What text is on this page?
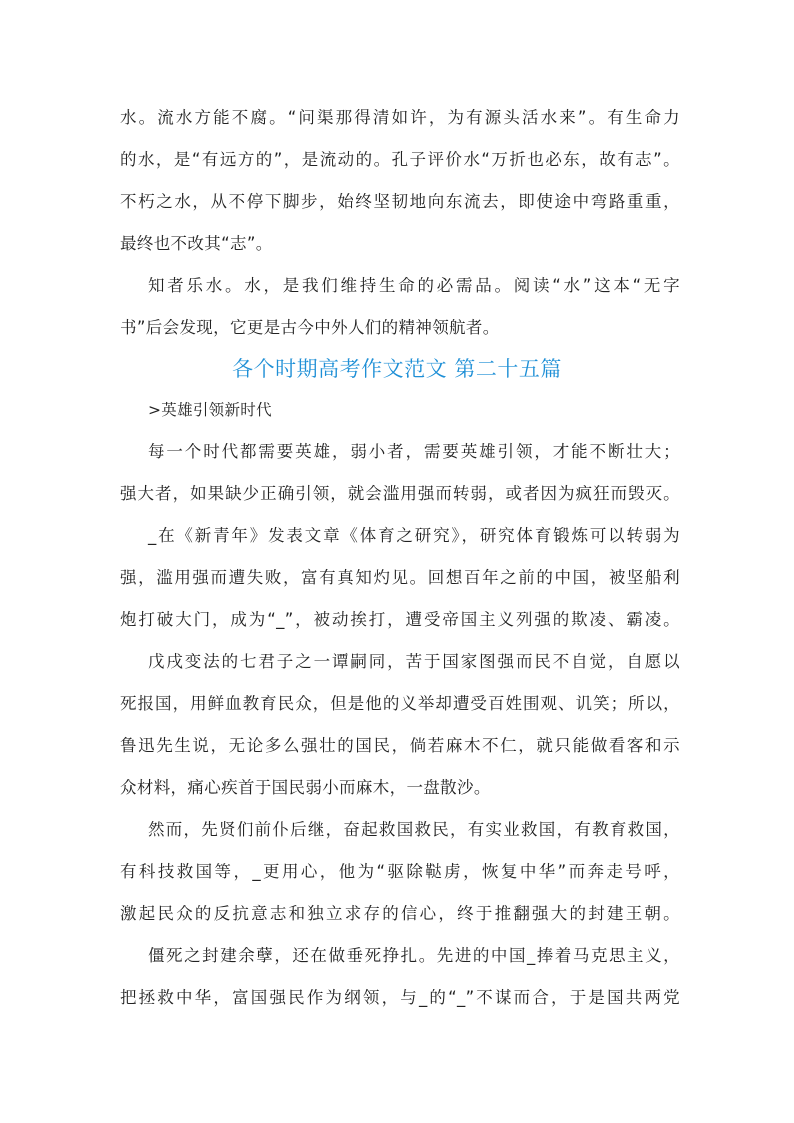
水。流水方能不腐。“问渠那得清如许，为有源头活水来”。有生命力
的水，是“有远方的”，是流动的。孔子评价水“万折也必东，故有志”。
不朽之水，从不停下脚步，始终坚韧地向东流去，即使途中弯路重重，
最终也不改其“志”。
知者乐水。水，是我们维持生命的必需品。阅读“水”这本“无字
书”后会发现，它更是古今中外人们的精神领航者。
各个时期高考作文范文 第二十五篇
>英雄引领新时代
每一个时代都需要英雄，弱小者，需要英雄引领，才能不断壮大；
强大者，如果缺少正确引领，就会滥用强而转弱，或者因为疯狂而毁灭。
_在《新青年》发表文章《体育之研究》，研究体育锻炼可以转弱为
强，滥用强而遭失败，富有真知灼见。回想百年之前的中国，被坚船利
炮打破大门，成为“_”，被动挨打，遭受帝国主义列强的欺凌、霸凌。
戊戌变法的七君子之一谭嗣同，苦于国家图强而民不自觉，自愿以
死报国，用鲜血教育民众，但是他的义举却遭受百姓围观、讥笑；所以，
鲁迅先生说，无论多么强壮的国民，倘若麻木不仁，就只能做看客和示
众材料，痛心疾首于国民弱小而麻木，一盘散沙。
然而，先贤们前仆后继，奋起救国救民，有实业救国，有教育救国，
有科技救国等，_更用心，他为“驱除鞑虏，恢复中华”而奔走号呼，
激起民众的反抗意志和独立求存的信心，终于推翻强大的封建王朝。
僵死之封建余孽，还在做垂死挣扎。先进的中国_捧着马克思主义，
把拯救中华，富国强民作为纲领，与_的“_”不谋而合，于是国共两党
